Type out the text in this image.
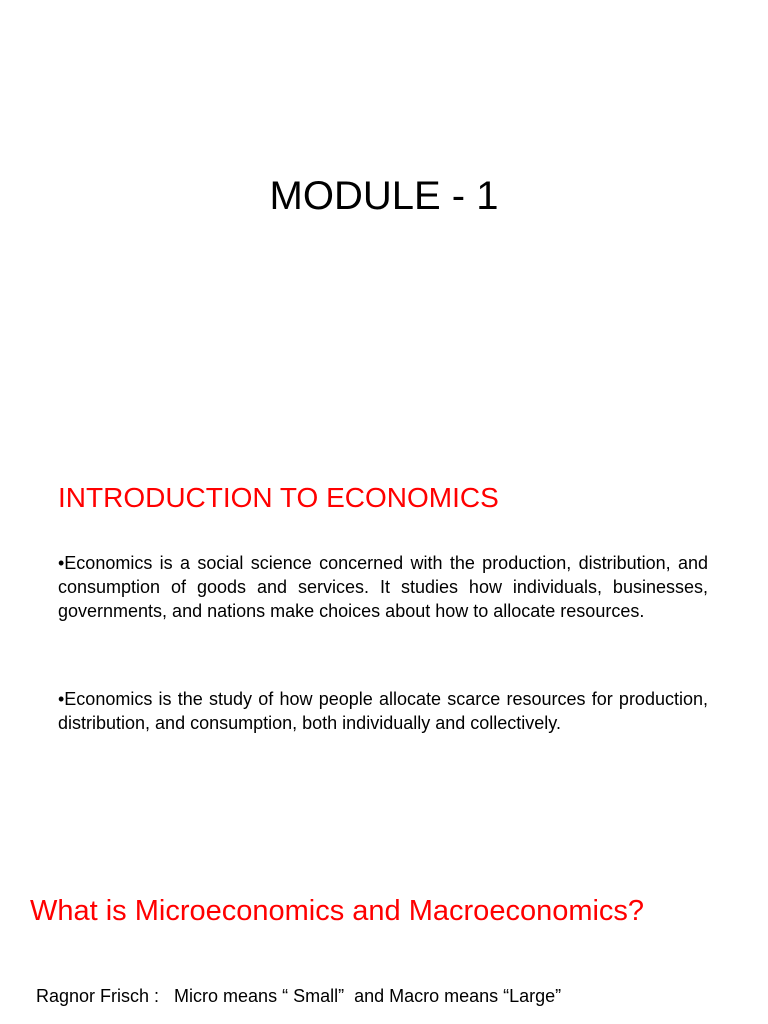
MODULE - 1
INTRODUCTION TO ECONOMICS
•Economics is a social science concerned with the production, distribution, and consumption of goods and services. It studies how individuals, businesses, governments, and nations make choices about how to allocate resources.
•Economics is the study of how people allocate scarce resources for production, distribution, and consumption, both individually and collectively.
What is Microeconomics and Macroeconomics?
Ragnor Frisch :   Micro means “ Small”  and Macro means “Large”
